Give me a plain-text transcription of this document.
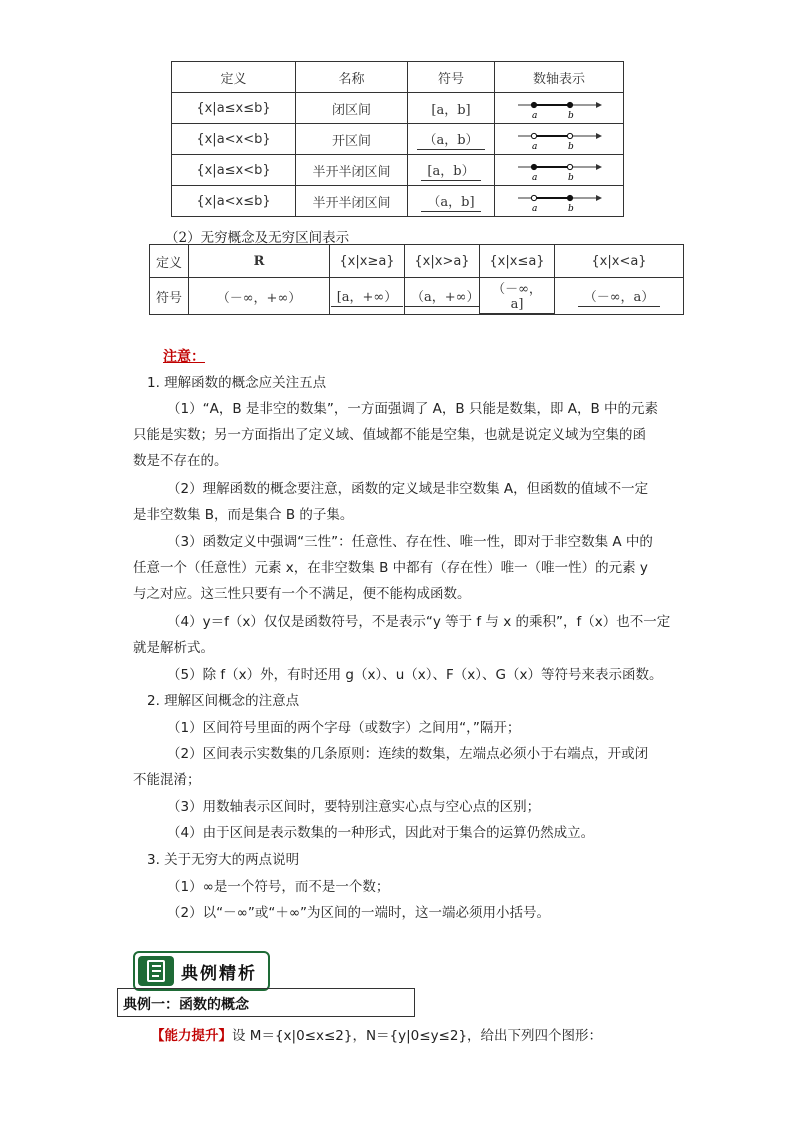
定义	名称	符号	数轴表示
{x|a≤x≤b}	闭区间	[a，b]	a b

{x|a<x<b}	开区间	（a，b）	a b

{x|a≤x<b}	半开半闭区间	[a，b）	a b

{x|a<x≤b}	半开半闭区间	（a，b]	a b
（2）无穷概念及无穷区间表示
定义	R	{x|x≥a}	{x|x>a}	{x|x≤a}	{x|x<a}
符号	（－∞，+∞）	[a，+∞）	（a，+∞）	（－∞，a]	（－∞，a）
注意：
1. 理解函数的概念应关注五点
（1）“A，B 是非空的数集”，一方面强调了 A，B 只能是数集，即 A，B 中的元素
只能是实数；另一方面指出了定义域、值域都不能是空集，也就是说定义域为空集的函
数是不存在的。
（2）理解函数的概念要注意，函数的定义域是非空数集 A，但函数的值域不一定
是非空数集 B，而是集合 B 的子集。
（3）函数定义中强调“三性”：任意性、存在性、唯一性，即对于非空数集 A 中的
任意一个（任意性）元素 x，在非空数集 B 中都有（存在性）唯一（唯一性）的元素 y
与之对应。这三性只要有一个不满足，便不能构成函数。
（4）y＝f（x）仅仅是函数符号，不是表示“y 等于 f 与 x 的乘积”，f（x）也不一定
就是解析式。
（5）除 f（x）外，有时还用 g（x）、u（x）、F（x）、G（x）等符号来表示函数。
2. 理解区间概念的注意点
（1）区间符号里面的两个字母（或数字）之间用“，”隔开；
（2）区间表示实数集的几条原则：连续的数集，左端点必须小于右端点，开或闭
不能混淆；
（3）用数轴表示区间时，要特别注意实心点与空心点的区别；
（4）由于区间是表示数集的一种形式，因此对于集合的运算仍然成立。
3. 关于无穷大的两点说明
（1）∞是一个符号，而不是一个数；
（2）以“－∞”或“＋∞”为区间的一端时，这一端必须用小括号。
典例精析
典例一：函数的概念
【能力提升】设 M＝{x|0≤x≤2}，N＝{y|0≤y≤2}，给出下列四个图形：
